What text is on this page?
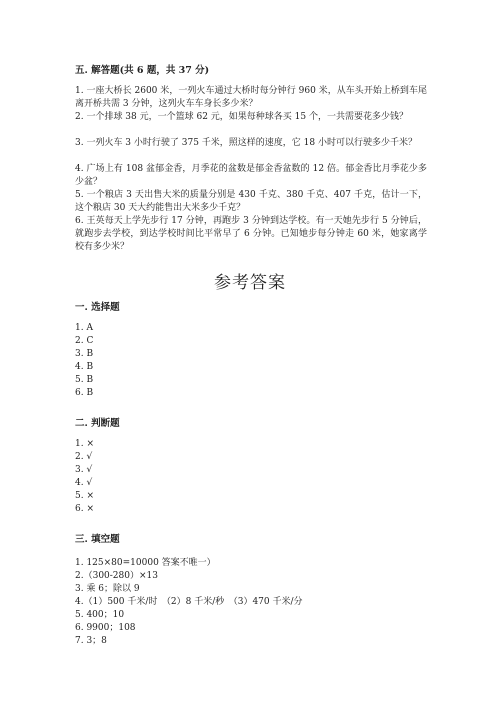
五. 解答题(共 6 题，共 37 分)
1. 一座大桥长 2600 米，一列火车通过大桥时每分钟行 960 米，从车头开始上桥到车尾离开桥共需 3 分钟，这列火车车身长多少米？
2. 一个排球 38 元，一个篮球 62 元，如果每种球各买 15 个，一共需要花多少钱？
3. 一列火车 3 小时行驶了 375 千米，照这样的速度，它 18 小时可以行驶多少千米？
4. 广场上有 108 盆郁金香，月季花的盆数是郁金香盆数的 12 倍。郁金香比月季花少多少盆？
5. 一个粮店 3 天出售大米的质量分别是 430 千克、380 千克、407 千克，估计一下，这个粮店 30 天大约能售出大米多少千克？
6. 王英每天上学先步行 17 分钟，再跑步 3 分钟到达学校。有一天她先步行 5 分钟后，就跑步去学校，到达学校时间比平常早了 6 分钟。已知她步每分钟走 60 米，她家离学校有多少米？
参考答案
一. 选择题
1. A
2. C
3. B
4. B
5. B
6. B
二. 判断题
1. ×
2. √
3. √
4. √
5. ×
6. ×
三. 填空题
1. 125×80=10000 答案不唯一）
2.（300-280）×13
3. 乘 6；除以 9
4.（1）500 千米/时　（2）8 千米/秒　（3）470 千米/分
5. 400；10
6. 9900；108
7. 3；8
